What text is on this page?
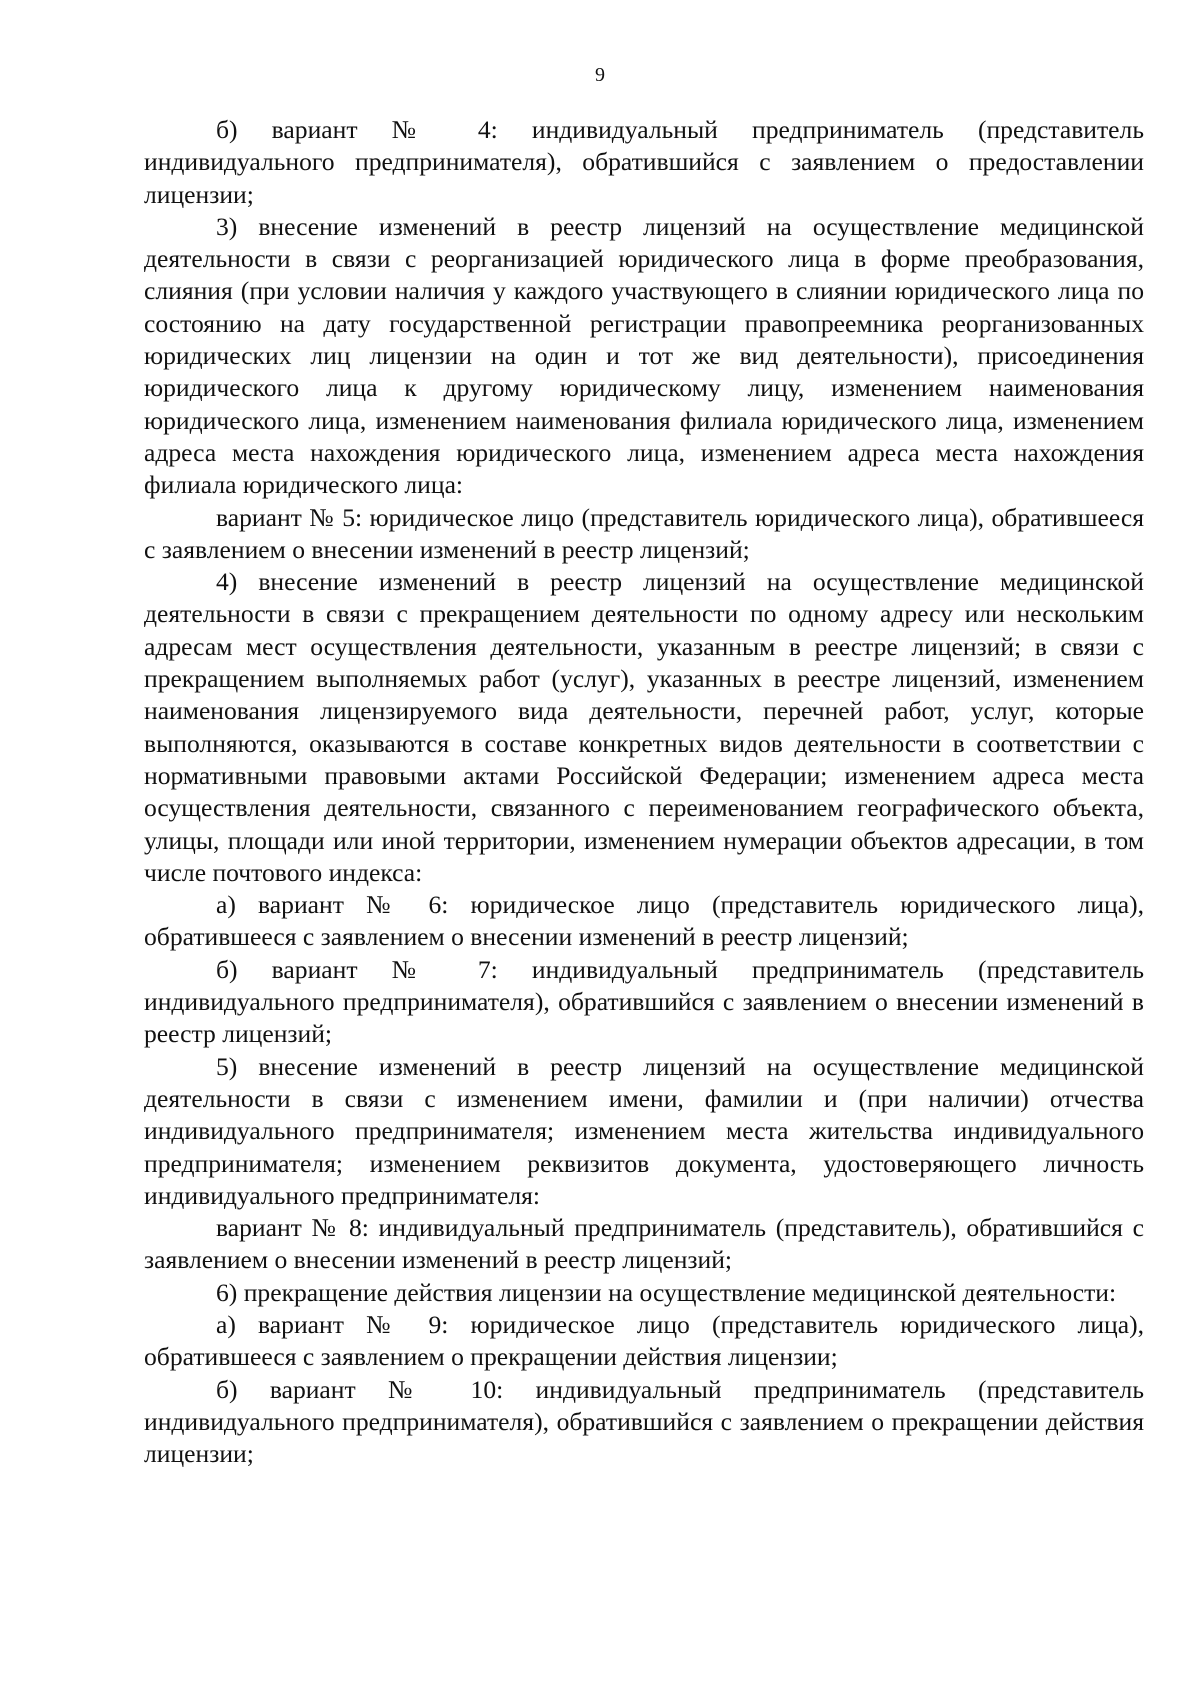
9

б) вариант № 4: индивидуальный предприниматель (представитель индивидуального предпринимателя), обратившийся с заявлением о предоставлении лицензии;

3) внесение изменений в реестр лицензий на осуществление медицинской деятельности в связи с реорганизацией юридического лица в форме преобразования, слияния (при условии наличия у каждого участвующего в слиянии юридического лица по состоянию на дату государственной регистрации правопреемника реорганизованных юридических лиц лицензии на один и тот же вид деятельности), присоединения юридического лица к другому юридическому лицу, изменением наименования юридического лица, изменением наименования филиала юридического лица, изменением адреса места нахождения юридического лица, изменением адреса места нахождения филиала юридического лица:

вариант № 5: юридическое лицо (представитель юридического лица), обратившееся с заявлением о внесении изменений в реестр лицензий;

4) внесение изменений в реестр лицензий на осуществление медицинской деятельности в связи с прекращением деятельности по одному адресу или нескольким адресам мест осуществления деятельности, указанным в реестре лицензий; в связи с прекращением выполняемых работ (услуг), указанных в реестре лицензий, изменением наименования лицензируемого вида деятельности, перечней работ, услуг, которые выполняются, оказываются в составе конкретных видов деятельности в соответствии с нормативными правовыми актами Российской Федерации; изменением адреса места осуществления деятельности, связанного с переименованием географического объекта, улицы, площади или иной территории, изменением нумерации объектов адресации, в том числе почтового индекса:

а) вариант № 6: юридическое лицо (представитель юридического лица), обратившееся с заявлением о внесении изменений в реестр лицензий;

б) вариант № 7: индивидуальный предприниматель (представитель индивидуального предпринимателя), обратившийся с заявлением о внесении изменений в реестр лицензий;

5) внесение изменений в реестр лицензий на осуществление медицинской деятельности в связи с изменением имени, фамилии и (при наличии) отчества индивидуального предпринимателя; изменением места жительства индивидуального предпринимателя; изменением реквизитов документа, удостоверяющего личность индивидуального предпринимателя:

вариант № 8: индивидуальный предприниматель (представитель), обратившийся с заявлением о внесении изменений в реестр лицензий;

6) прекращение действия лицензии на осуществление медицинской деятельности:

а) вариант № 9: юридическое лицо (представитель юридического лица), обратившееся с заявлением о прекращении действия лицензии;

б) вариант № 10: индивидуальный предприниматель (представитель индивидуального предпринимателя), обратившийся с заявлением о прекращении действия лицензии;
